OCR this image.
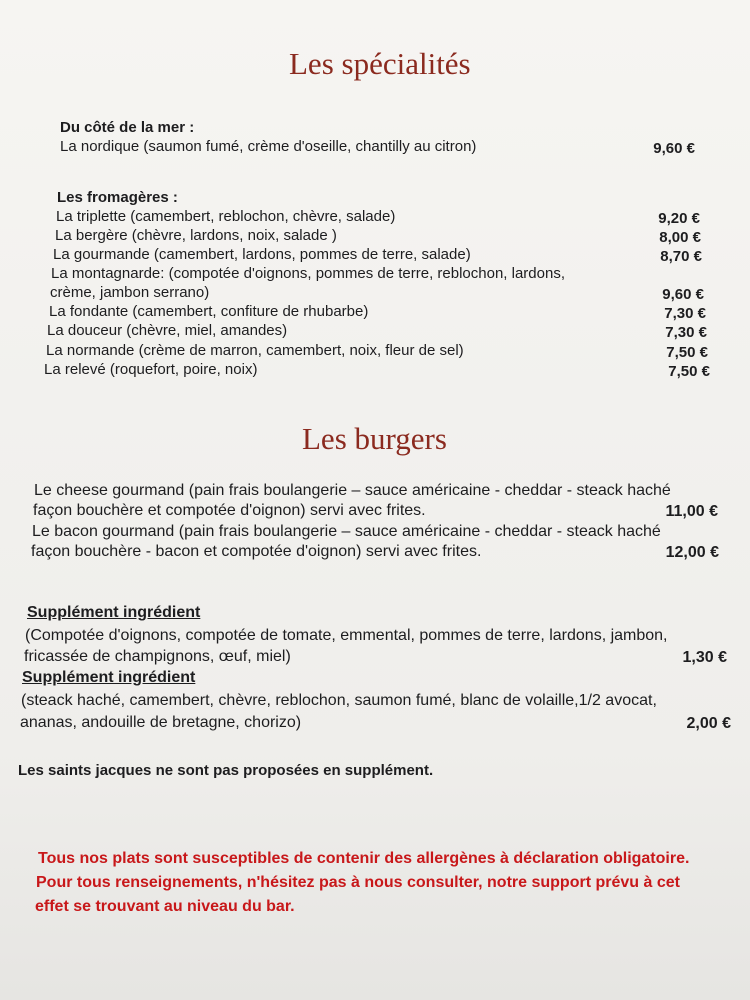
Les spécialités
Du côté de la mer :
La nordique (saumon fumé, crème d'oseille, chantilly au citron)	9,60 €
Les fromagères :
La triplette (camembert, reblochon, chèvre, salade)	9,20 €
La bergère (chèvre, lardons, noix, salade )	8,00 €
La gourmande (camembert, lardons, pommes de terre, salade)	8,70 €
La montagnarde: (compotée d'oignons, pommes de terre, reblochon, lardons,
crème, jambon serrano)	9,60 €
La fondante (camembert, confiture de rhubarbe)	7,30 €
La douceur (chèvre, miel, amandes)	7,30 €
La normande (crème de marron, camembert, noix, fleur de sel)	7,50 €
La relevé (roquefort, poire, noix)	7,50 €
Les burgers
Le cheese gourmand (pain frais boulangerie – sauce américaine - cheddar - steack haché
façon bouchère et compotée d'oignon) servi avec frites.	11,00 €
Le bacon gourmand (pain frais boulangerie – sauce américaine - cheddar - steack haché
façon bouchère - bacon et compotée d'oignon) servi avec frites.	12,00 €
Supplément ingrédient
(Compotée d'oignons, compotée de tomate, emmental, pommes de terre, lardons, jambon,
fricassée de champignons, œuf, miel)	1,30 €
Supplément ingrédient
(steack haché, camembert, chèvre, reblochon, saumon fumé, blanc de volaille,1/2 avocat,
ananas, andouille de bretagne, chorizo)	2,00 €
Les saints jacques ne sont pas proposées en supplément.
Tous nos plats sont susceptibles de contenir des allergènes à déclaration obligatoire.
Pour tous renseignements, n'hésitez pas à nous consulter, notre support prévu à cet
effet se trouvant au niveau du bar.
